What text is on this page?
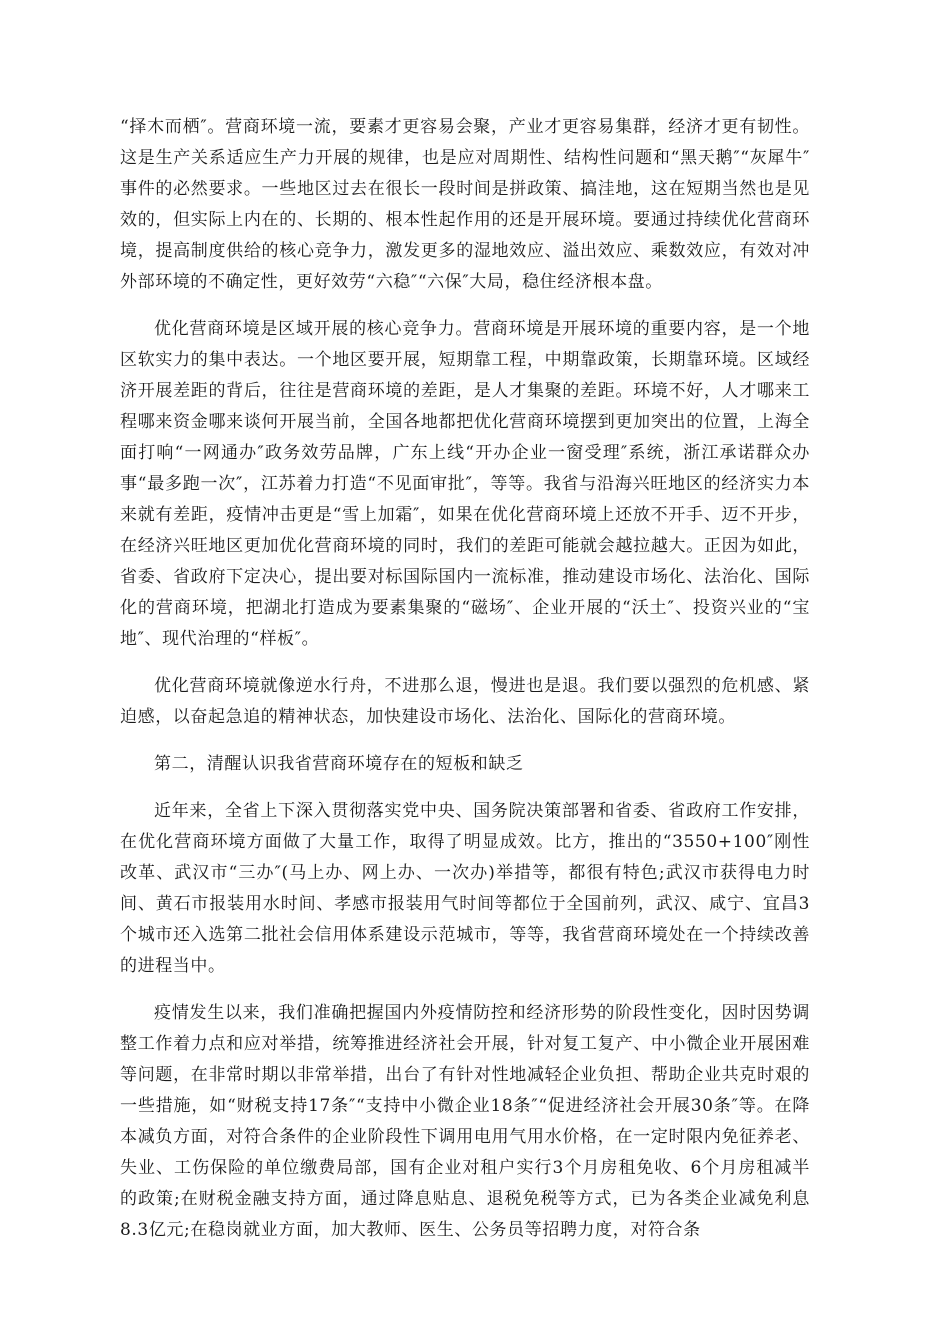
“择木而栖″。营商环境一流，要素才更容易会聚，产业才更容易集群，经济才更有韧性。这是生产关系适应生产力开展的规律，也是应对周期性、结构性问题和“黑天鹅″“灰犀牛″事件的必然要求。一些地区过去在很长一段时间是拼政策、搞洼地，这在短期当然也是见效的，但实际上内在的、长期的、根本性起作用的还是开展环境。要通过持续优化营商环境，提高制度供给的核心竞争力，激发更多的湿地效应、溢出效应、乘数效应，有效对冲外部环境的不确定性，更好效劳“六稳″“六保″大局，稳住经济根本盘。

优化营商环境是区域开展的核心竞争力。营商环境是开展环境的重要内容，是一个地区软实力的集中表达。一个地区要开展，短期靠工程，中期靠政策，长期靠环境。区域经济开展差距的背后，往往是营商环境的差距，是人才集聚的差距。环境不好，人才哪来工程哪来资金哪来谈何开展当前，全国各地都把优化营商环境摆到更加突出的位置，上海全面打响“一网通办″政务效劳品牌，广东上线“开办企业一窗受理″系统，浙江承诺群众办事“最多跑一次″，江苏着力打造“不见面审批″，等等。我省与沿海兴旺地区的经济实力本来就有差距，疫情冲击更是“雪上加霜″，如果在优化营商环境上还放不开手、迈不开步，在经济兴旺地区更加优化营商环境的同时，我们的差距可能就会越拉越大。正因为如此，省委、省政府下定决心，提出要对标国际国内一流标准，推动建设市场化、法治化、国际化的营商环境，把湖北打造成为要素集聚的“磁场″、企业开展的“沃土″、投资兴业的“宝地″、现代治理的“样板″。

优化营商环境就像逆水行舟，不进那么退，慢进也是退。我们要以强烈的危机感、紧迫感，以奋起急追的精神状态，加快建设市场化、法治化、国际化的营商环境。

第二，清醒认识我省营商环境存在的短板和缺乏

近年来，全省上下深入贯彻落实党中央、国务院决策部署和省委、省政府工作安排，在优化营商环境方面做了大量工作，取得了明显成效。比方，推出的“3550+100″刚性改革、武汉市“三办″(马上办、网上办、一次办)举措等，都很有特色;武汉市获得电力时间、黄石市报装用水时间、孝感市报装用气时间等都位于全国前列，武汉、咸宁、宜昌3个城市还入选第二批社会信用体系建设示范城市，等等，我省营商环境处在一个持续改善的进程当中。

疫情发生以来，我们准确把握国内外疫情防控和经济形势的阶段性变化，因时因势调整工作着力点和应对举措，统筹推进经济社会开展，针对复工复产、中小微企业开展困难等问题，在非常时期以非常举措，出台了有针对性地减轻企业负担、帮助企业共克时艰的一些措施，如“财税支持17条″“支持中小微企业18条″“促进经济社会开展30条″等。在降本减负方面，对符合条件的企业阶段性下调用电用气用水价格，在一定时限内免征养老、失业、工伤保险的单位缴费局部，国有企业对租户实行3个月房租免收、6个月房租减半的政策;在财税金融支持方面，通过降息贴息、退税免税等方式，已为各类企业减免利息8.3亿元;在稳岗就业方面，加大教师、医生、公务员等招聘力度，对符合条
